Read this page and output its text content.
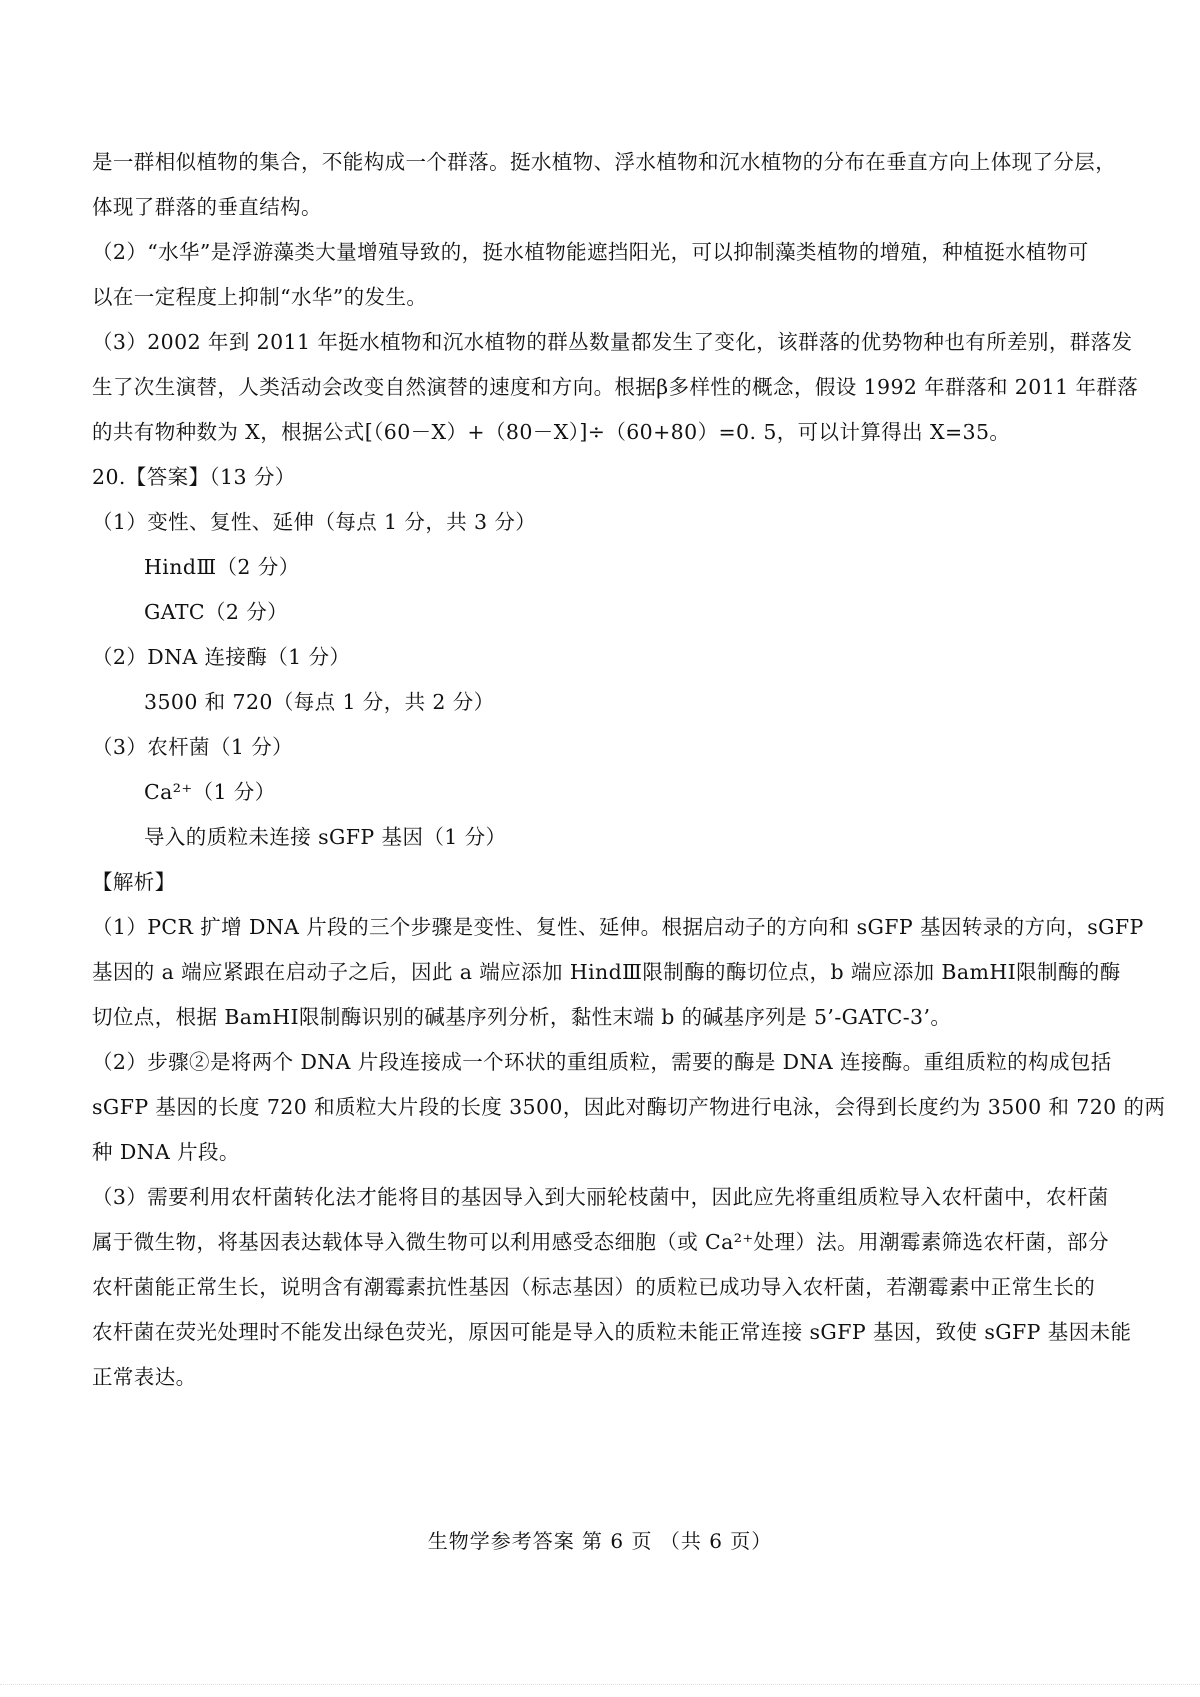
是一群相似植物的集合，不能构成一个群落。挺水植物、浮水植物和沉水植物的分布在垂直方向上体现了分层，
体现了群落的垂直结构。
（2）“水华”是浮游藻类大量增殖导致的，挺水植物能遮挡阳光，可以抑制藻类植物的增殖，种植挺水植物可
以在一定程度上抑制“水华”的发生。
（3）2002 年到 2011 年挺水植物和沉水植物的群丛数量都发生了变化，该群落的优势物种也有所差别，群落发
生了次生演替，人类活动会改变自然演替的速度和方向。根据β多样性的概念，假设 1992 年群落和 2011 年群落
的共有物种数为 X，根据公式[（60－X）+（80－X）]÷（60+80）=0. 5，可以计算得出 X=35。
20.【答案】（13 分）
（1）变性、复性、延伸（每点 1 分，共 3 分）
HindⅢ（2 分）
GATC（2 分）
（2）DNA 连接酶（1 分）
3500 和 720（每点 1 分，共 2 分）
（3）农杆菌（1 分）
Ca²⁺（1 分）
导入的质粒未连接 sGFP 基因（1 分）
【解析】
（1）PCR 扩增 DNA 片段的三个步骤是变性、复性、延伸。根据启动子的方向和 sGFP 基因转录的方向，sGFP
基因的 a 端应紧跟在启动子之后，因此 a 端应添加 HindⅢ限制酶的酶切位点，b 端应添加 BamHⅠ限制酶的酶
切位点，根据 BamHⅠ限制酶识别的碱基序列分析，黏性末端 b 的碱基序列是 5’-GATC-3’。
（2）步骤②是将两个 DNA 片段连接成一个环状的重组质粒，需要的酶是 DNA 连接酶。重组质粒的构成包括
sGFP 基因的长度 720 和质粒大片段的长度 3500，因此对酶切产物进行电泳，会得到长度约为 3500 和 720 的两
种 DNA 片段。
（3）需要利用农杆菌转化法才能将目的基因导入到大丽轮枝菌中，因此应先将重组质粒导入农杆菌中，农杆菌
属于微生物，将基因表达载体导入微生物可以利用感受态细胞（或 Ca²⁺处理）法。用潮霉素筛选农杆菌，部分
农杆菌能正常生长，说明含有潮霉素抗性基因（标志基因）的质粒已成功导入农杆菌，若潮霉素中正常生长的
农杆菌在荧光处理时不能发出绿色荧光，原因可能是导入的质粒未能正常连接 sGFP 基因，致使 sGFP 基因未能
正常表达。
生物学参考答案 第 6 页 （共 6 页）
